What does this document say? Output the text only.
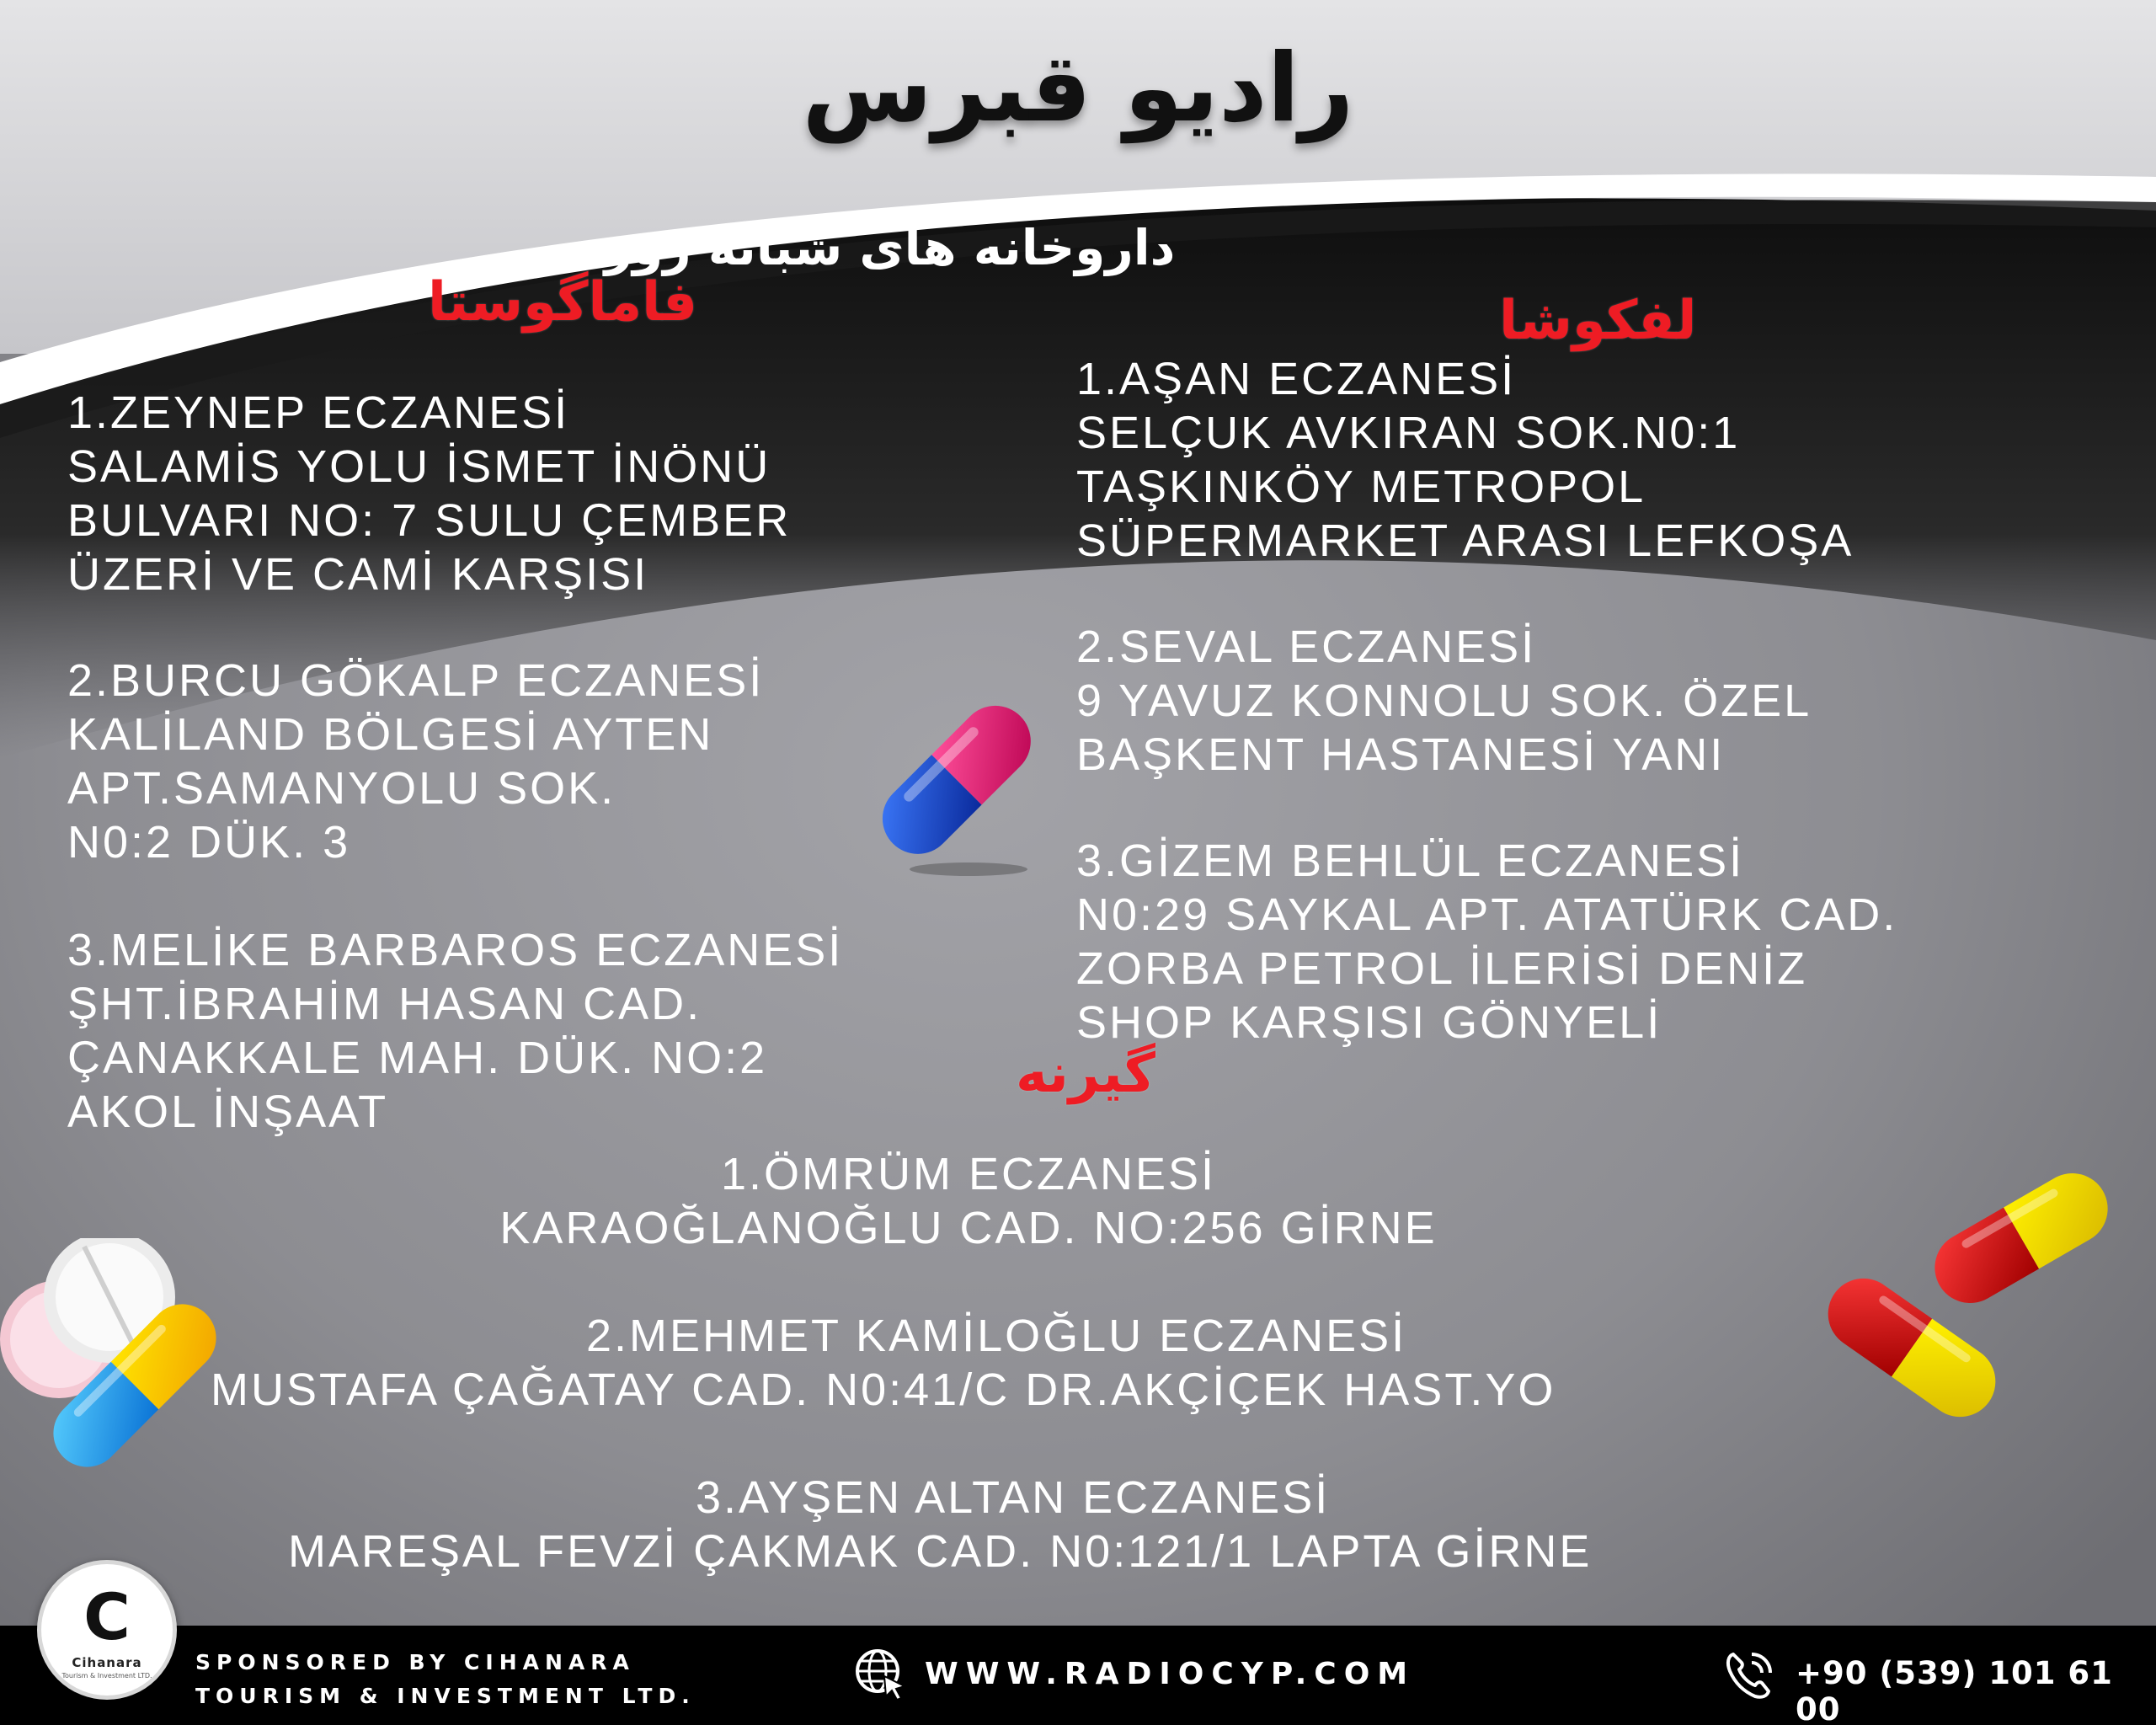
رادیو قبرس
داروخانه های شبانه روزی
فاماگوستا	لفکوشا
گیرنه
1.ZEYNEP ECZANESİ
SALAMİS YOLU İSMET İNÖNÜ
BULVARI NO: 7 SULU ÇEMBER
ÜZERİ VE CAMİ KARŞISI
2.BURCU GÖKALP ECZANESİ
KALİLAND BÖLGESİ AYTEN
APT.SAMANYOLU SOK.
N0:2 DÜK. 3
3.MELİKE BARBAROS ECZANESİ
ŞHT.İBRAHİM HASAN CAD.
ÇANAKKALE MAH. DÜK. NO:2
AKOL İNŞAAT
1.AŞAN ECZANESİ
SELÇUK AVKIRAN SOK.N0:1
TAŞKINKÖY METROPOL
SÜPERMARKET ARASI LEFKOŞA
2.SEVAL ECZANESİ
9 YAVUZ KONNOLU SOK. ÖZEL
BAŞKENT HASTANESİ YANI
3.GİZEM BEHLÜL ECZANESİ
N0:29 SAYKAL APT. ATATÜRK CAD.
ZORBA PETROL İLERİSİ DENİZ
SHOP KARŞISI GÖNYELİ
1.ÖMRÜM ECZANESİ
KARAOĞLANOĞLU CAD. NO:256 GİRNE
2.MEHMET KAMİLOĞLU ECZANESİ
MUSTAFA ÇAĞATAY CAD. N0:41/C DR.AKÇİÇEK HAST.YO
3.AYŞEN ALTAN ECZANESİ
MAREŞAL FEVZİ ÇAKMAK CAD. N0:121/1 LAPTA GİRNE
C
Cihanara
Tourism & Investment LTD.
SPONSORED BY CIHANARA
TOURISM & INVESTMENT LTD.
WWW.RADIOCYP.COM	+90 (539) 101 61 00
